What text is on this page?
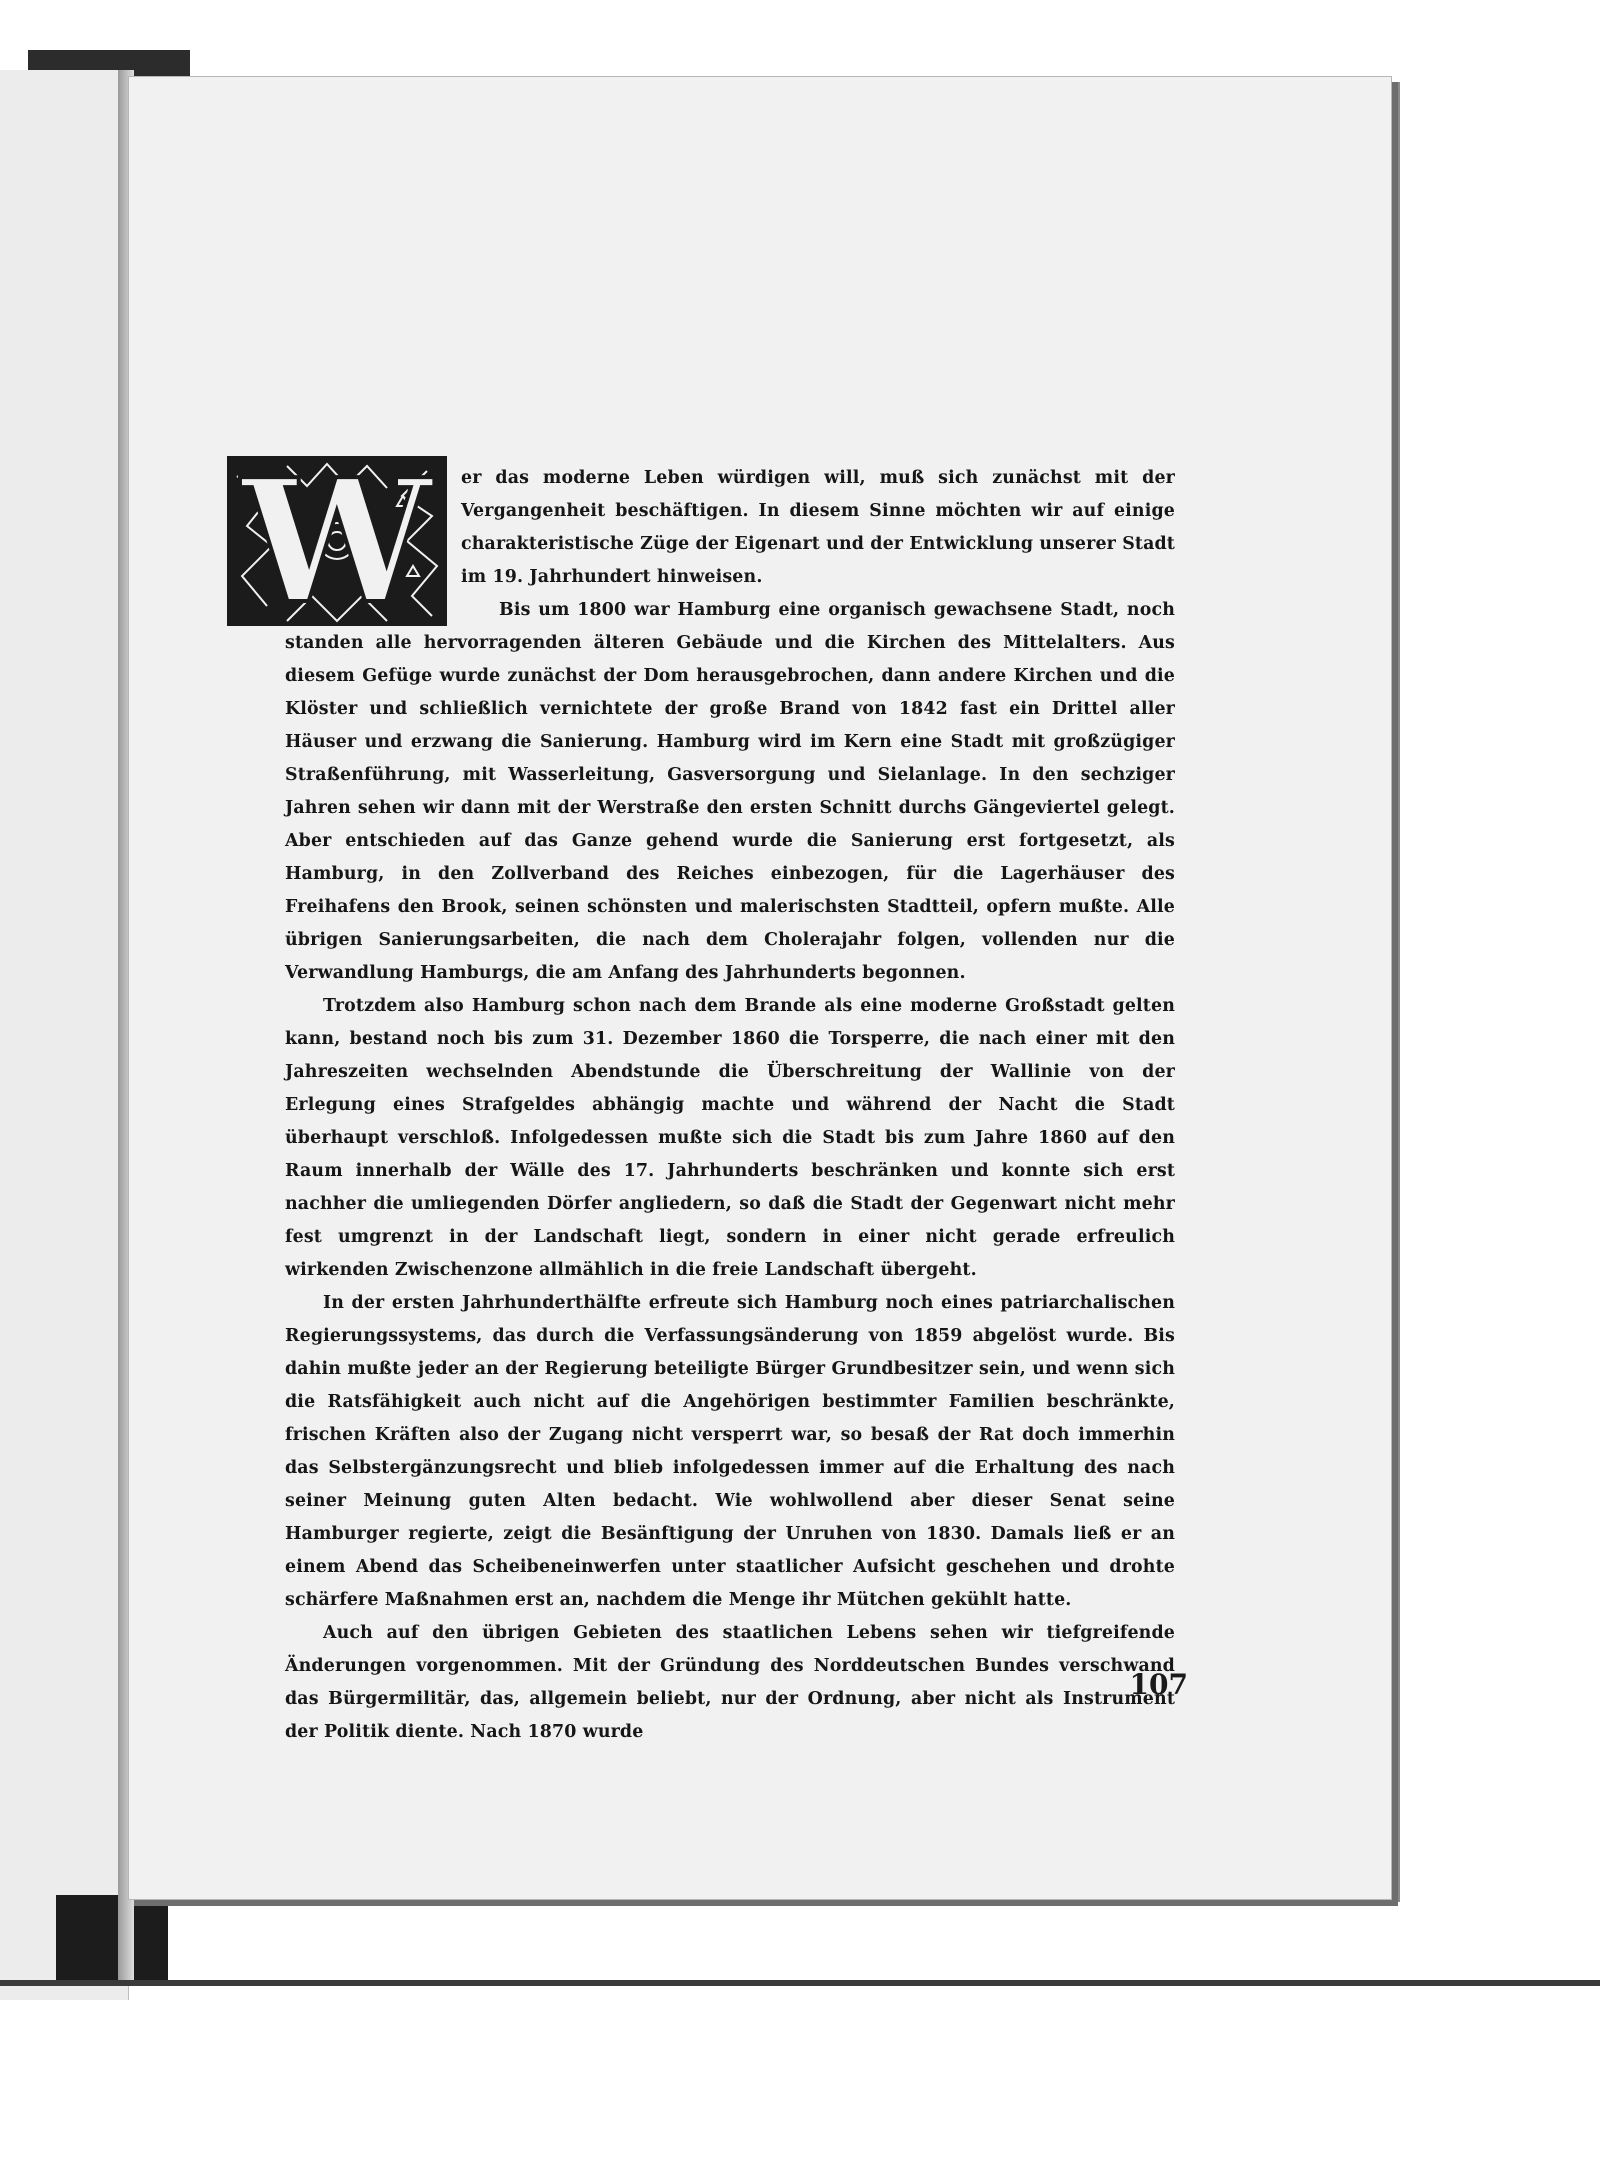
W er das moderne Leben würdigen will, muß sich zunächst mit der Vergangenheit beschäftigen. In diesem Sinne möchten wir auf einige charakteristische Züge der Eigenart und der Entwicklung unserer Stadt im 19. Jahrhundert hinweisen.

Bis um 1800 war Hamburg eine organisch gewachsene Stadt, noch standen alle hervorragenden älteren Gebäude und die Kirchen des Mittelalters. Aus diesem Gefüge wurde zunächst der Dom herausgebrochen, dann andere Kirchen und die Klöster und schließlich vernichtete der große Brand von 1842 fast ein Drittel aller Häuser und erzwang die Sanierung. Hamburg wird im Kern eine Stadt mit großzügiger Straßenführung, mit Wasserleitung, Gasversorgung und Sielanlage. In den sechziger Jahren sehen wir dann mit der Werstraße den ersten Schnitt durchs Gängeviertel gelegt. Aber entschieden auf das Ganze gehend wurde die Sanierung erst fortgesetzt, als Hamburg, in den Zollverband des Reiches einbezogen, für die Lagerhäuser des Freihafens den Brook, seinen schönsten und malerischsten Stadtteil, opfern mußte. Alle übrigen Sanierungsarbeiten, die nach dem Cholerajahr folgen, vollenden nur die Verwandlung Hamburgs, die am Anfang des Jahrhunderts begonnen.

Trotzdem also Hamburg schon nach dem Brande als eine moderne Großstadt gelten kann, bestand noch bis zum 31. Dezember 1860 die Torsperre, die nach einer mit den Jahreszeiten wechselnden Abendstunde die Überschreitung der Wallinie von der Erlegung eines Strafgeldes abhängig machte und während der Nacht die Stadt überhaupt verschloß. Infolgedessen mußte sich die Stadt bis zum Jahre 1860 auf den Raum innerhalb der Wälle des 17. Jahrhunderts beschränken und konnte sich erst nachher die umliegenden Dörfer angliedern, so daß die Stadt der Gegenwart nicht mehr fest umgrenzt in der Landschaft liegt, sondern in einer nicht gerade erfreulich wirkenden Zwischenzone allmählich in die freie Landschaft übergeht.

In der ersten Jahrhunderthälfte erfreute sich Hamburg noch eines patriarchalischen Regierungssystems, das durch die Verfassungsänderung von 1859 abgelöst wurde. Bis dahin mußte jeder an der Regierung beteiligte Bürger Grundbesitzer sein, und wenn sich die Ratsfähigkeit auch nicht auf die Angehörigen bestimmter Familien beschränkte, frischen Kräften also der Zugang nicht versperrt war, so besaß der Rat doch immerhin das Selbstergänzungsrecht und blieb infolgedessen immer auf die Erhaltung des nach seiner Meinung guten Alten bedacht. Wie wohlwollend aber dieser Senat seine Hamburger regierte, zeigt die Besänftigung der Unruhen von 1830. Damals ließ er an einem Abend das Scheibeneinwerfen unter staatlicher Aufsicht geschehen und drohte schärfere Maßnahmen erst an, nachdem die Menge ihr Mütchen gekühlt hatte.

Auch auf den übrigen Gebieten des staatlichen Lebens sehen wir tiefgreifende Änderungen vorgenommen. Mit der Gründung des Norddeutschen Bundes verschwand das Bürgermilitär, das, allgemein beliebt, nur der Ordnung, aber nicht als Instrument der Politik diente. Nach 1870 wurde

107
